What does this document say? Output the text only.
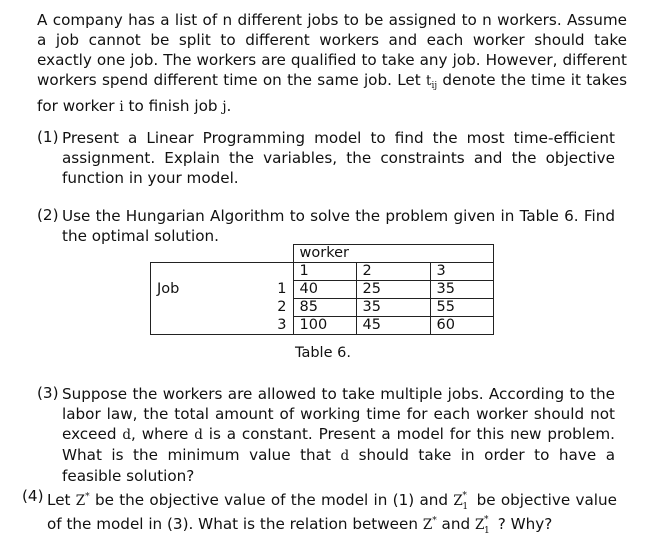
A company has a list of n different jobs to be assigned to n workers. Assume a job cannot be split to different workers and each worker should take exactly one job. The workers are qualified to take any job. However, different workers spend different time on the same job. Let $t_{ij}$ denote the time it takes for worker i to finish job j.
(1) Present a Linear Programming model to find the most time-efficient assignment. Explain the variables, the constraints and the objective function in your model.
(2) Use the Hungarian Algorithm to solve the problem given in Table 6. Find the optimal solution.
		worker		
		1	2	3
Job	1	40	25	35
	2	85	35	55
	3	100	45	60
Table 6.
(3) Suppose the workers are allowed to take multiple jobs. According to the labor law, the total amount of working time for each worker should not exceed d, where d is a constant. Present a model for this new problem. What is the minimum value that d should take in order to have a feasible solution?
(4) Let Z* be the objective value of the model in (1) and Z *
1 be objective value of the model in (3). What is the relation between Z* and Z *
1 ? Why?
